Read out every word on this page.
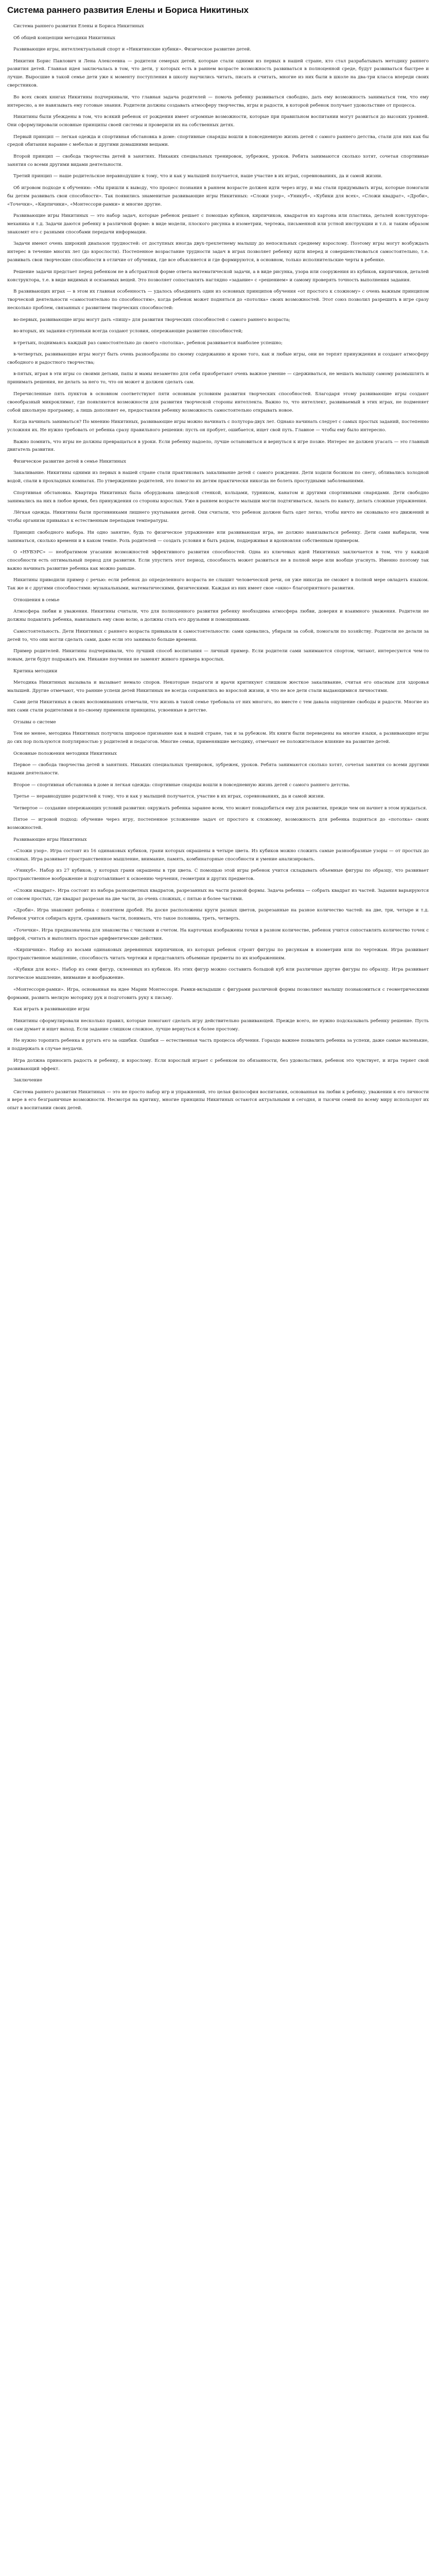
Система раннего развития Елены и Бориса Никитиных

Система раннего развития Елены и Бориса Никитиных

Об общей концепции методики Никитиных

Развивающие игры, интеллектуальный спорт и «Никитинские кубики». Физическое развитие детей.

Никитин Борис Павлович и Лена Алексеевна — родители семерых детей, которые стали одними из первых в нашей стране, кто стал разрабатывать методику раннего развития детей. Главная идея заключалась в том, что дети, у которых есть в раннем возрасте возможность развиваться в полноценной среде, будут развиваться быстрее и лучше. Выросшие в такой семье дети уже к моменту поступления в школу научились читать, писать и считать, многие из них были в школе на два-три класса впереди своих сверстников.

Во всех своих книгах Никитины подчеркивали, что главная задача родителей — помочь ребенку развиваться свободно, дать ему возможность заниматься тем, что ему интересно, а не навязывать ему готовые знания. Родители должны создавать атмосферу творчества, игры и радости, в которой ребенок получает удовольствие от процесса.

Никитины были убеждены в том, что всякий ребенок от рождения имеет огромные возможности, которые при правильном воспитании могут развиться до высоких уровней. Они сформулировали основные принципы своей системы и проверили их на собственных детях.

Первый принцип — легкая одежда и спортивная обстановка в доме: спортивные снаряды вошли в повседневную жизнь детей с самого раннего детства, стали для них как бы средой обитания наравне с мебелью и другими домашними вещами.

Второй принцип — свобода творчества детей в занятиях. Никаких специальных тренировок, зубрежек, уроков. Ребята занимаются сколько хотят, сочетая спортивные занятия со всеми другими видами деятельности.

Третий принцип — наше родительское неравнодушие к тому, что и как у малышей получается, наше участие в их играх, соревнованиях, да и самой жизни.

Об игровом подходе к обучению: «Мы пришли к выводу, что процесс познания в раннем возрасте должен идти через игру, и мы стали придумывать игры, которые помогали бы детям развивать свои способности». Так появились знаменитые развивающие игры Никитиных: «Сложи узор», «Уникуб», «Кубики для всех», «Сложи квадрат», «Дроби», «Точечки», «Кирпичики», «Монтессори-рамки» и многие другие.

Развивающие игры Никитиных — это набор задач, которые ребенок решает с помощью кубиков, кирпичиков, квадратов из картона или пластика, деталей конструктора-механика и т.д. Задачи даются ребенку в различной форме: в виде модели, плоского рисунка в изометрии, чертежа, письменной или устной инструкции и т.п. и таким образом знакомят его с разными способами передачи информации.

Задачи имеют очень широкий диапазон трудностей: от доступных иногда двух-трехлетнему малышу до непосильных среднему взрослому. Поэтому игры могут возбуждать интерес в течение многих лет (до взрослости). Постепенное возрастание трудности задач в играх позволяет ребенку идти вперед и совершенствоваться самостоятельно, т.е. развивать свои творческие способности в отличие от обучения, где все объясняется и где формируются, в основном, только исполнительские черты в ребенке.

Решение задачи предстает перед ребенком не в абстрактной форме ответа математической задачи, а в виде рисунка, узора или сооружения из кубиков, кирпичиков, деталей конструктора, т.е. в виде видимых и осязаемых вещей. Это позволяет сопоставлять наглядно «задание» с «решением» и самому проверять точность выполнения задания.

В развивающих играх — в этом их главная особенность — удалось объединить один из основных принципов обучения «от простого к сложному» с очень важным принципом творческой деятельности «самостоятельно по способностям», когда ребенок может подняться до «потолка» своих возможностей. Этот союз позволил разрешить в игре сразу несколько проблем, связанных с развитием творческих способностей:

во-первых, развивающие игры могут дать «пищу» для развития творческих способностей с самого раннего возраста;

во-вторых, их задания-ступеньки всегда создают условия, опережающие развитие способностей;

в-третьих, поднимаясь каждый раз самостоятельно до своего «потолка», ребенок развивается наиболее успешно;

в-четвертых, развивающие игры могут быть очень разнообразны по своему содержанию и кроме того, как и любые игры, они не терпят принуждения и создают атмосферу свободного и радостного творчества;

в-пятых, играя в эти игры со своими детьми, папы и мамы незаметно для себя приобретают очень важное умение — сдерживаться, не мешать малышу самому размышлять и принимать решения, не делать за него то, что он может и должен сделать сам.

Перечисленные пять пунктов в основном соответствуют пяти основным условиям развития творческих способностей. Благодаря этому развивающие игры создают своеобразный микроклимат, где появляются возможности для развития творческой стороны интеллекта. Важно то, что интеллект, развиваемый в этих играх, не подменяет собой школьную программу, а лишь дополняет ее, предоставляя ребенку возможность самостоятельно открывать новое.

Когда начинать заниматься? По мнению Никитиных, развивающие игры можно начинать с полутора-двух лет. Однако начинать следует с самых простых заданий, постепенно усложняя их. Не нужно требовать от ребенка сразу правильного решения: пусть он пробует, ошибается, ищет свой путь. Главное — чтобы ему было интересно.

Важно помнить, что игры не должны превращаться в уроки. Если ребенку надоело, лучше остановиться и вернуться к игре позже. Интерес не должен угасать — это главный двигатель развития.

Физическое развитие детей в семье Никитиных

Закаливание. Никитины одними из первых в нашей стране стали практиковать закаливание детей с самого рождения. Дети ходили босиком по снегу, обливались холодной водой, спали в прохладных комнатах. По утверждению родителей, это помогло их детям практически никогда не болеть простудными заболеваниями.

Спортивная обстановка. Квартира Никитиных была оборудована шведской стенкой, кольцами, турником, канатом и другими спортивными снарядами. Дети свободно занимались на них в любое время, без принуждения со стороны взрослых. Уже в раннем возрасте малыши могли подтягиваться, лазать по канату, делать сложные упражнения.

Лёгкая одежда. Никитины были противниками лишнего укутывания детей. Они считали, что ребенок должен быть одет легко, чтобы ничто не сковывало его движений и чтобы организм привыкал к естественным перепадам температуры.

Принцип свободного выбора. Ни одно занятие, будь то физическое упражнение или развивающая игра, не должно навязываться ребенку. Дети сами выбирали, чем заниматься, сколько времени и в каком темпе. Роль родителей — создать условия и быть рядом, поддерживая и вдохновляя собственным примером.

О «НУВЭРС» — необратимом угасании возможностей эффективного развития способностей. Одна из ключевых идей Никитиных заключается в том, что у каждой способности есть оптимальный период для развития. Если упустить этот период, способность может развиться не в полной мере или вообще угаснуть. Именно поэтому так важно начинать развитие ребенка как можно раньше.

Никитины приводили пример с речью: если ребенок до определенного возраста не слышит человеческой речи, он уже никогда не сможет в полной мере овладеть языком. Так же и с другими способностями: музыкальными, математическими, физическими. Каждая из них имеет свое «окно» благоприятного развития.

Отношения в семье

Атмосфера любви и уважения. Никитины считали, что для полноценного развития ребенку необходима атмосфера любви, доверия и взаимного уважения. Родители не должны подавлять ребенка, навязывать ему свою волю, а должны стать его друзьями и помощниками.

Самостоятельность. Дети Никитиных с раннего возраста привыкали к самостоятельности: сами одевались, убирали за собой, помогали по хозяйству. Родители не делали за детей то, что они могли сделать сами, даже если это занимало больше времени.

Пример родителей. Никитины подчеркивали, что лучший способ воспитания — личный пример. Если родители сами занимаются спортом, читают, интересуются чем-то новым, дети будут подражать им. Никакие поучения не заменят живого примера взрослых.

Критика методики

Методика Никитиных вызывала и вызывает немало споров. Некоторые педагоги и врачи критикуют слишком жесткое закаливание, считая его опасным для здоровья малышей. Другие отмечают, что ранние успехи детей Никитиных не всегда сохранялись во взрослой жизни, и что не все дети стали выдающимися личностями.

Сами дети Никитиных в своих воспоминаниях отмечали, что жизнь в такой семье требовала от них многого, но вместе с тем давала ощущение свободы и радости. Многие из них сами стали родителями и по-своему применяли принципы, усвоенные в детстве.

Отзывы о системе

Тем не менее, методика Никитиных получила широкое признание как в нашей стране, так и за рубежом. Их книги были переведены на многие языки, а развивающие игры до сих пор пользуются популярностью у родителей и педагогов. Многие семьи, применявшие методику, отмечают ее положительное влияние на развитие детей.

Основные положения методики Никитиных

Первое — свобода творчества детей в занятиях. Никаких специальных тренировок, зубрежек, уроков. Ребята занимаются сколько хотят, сочетая занятия со всеми другими видами деятельности.

Второе — спортивная обстановка в доме и легкая одежда: спортивные снаряды вошли в повседневную жизнь детей с самого раннего детства.

Третье — неравнодушие родителей к тому, что и как у малышей получается, участие в их играх, соревнованиях, да и самой жизни.

Четвертое — создание опережающих условий развития: окружать ребенка заранее всем, что может понадобиться ему для развития, прежде чем он начнет в этом нуждаться.

Пятое — игровой подход: обучение через игру, постепенное усложнение задач от простого к сложному, возможность для ребенка подняться до «потолка» своих возможностей.

Развивающие игры Никитиных

«Сложи узор». Игра состоит из 16 одинаковых кубиков, грани которых окрашены в четыре цвета. Из кубиков можно сложить самые разнообразные узоры — от простых до сложных. Игра развивает пространственное мышление, внимание, память, комбинаторные способности и умение анализировать.

«Уникуб». Набор из 27 кубиков, у которых грани окрашены в три цвета. С помощью этой игры ребенок учится складывать объемные фигуры по образцу, что развивает пространственное воображение и подготавливает к освоению черчения, геометрии и других предметов.

«Сложи квадрат». Игра состоит из набора разноцветных квадратов, разрезанных на части разной формы. Задача ребенка — собрать квадрат из частей. Задания варьируются от совсем простых, где квадрат разрезан на две части, до очень сложных, с пятью и более частями.

«Дроби». Игра знакомит ребенка с понятием дробей. На доске расположены круги разных цветов, разрезанные на разное количество частей: на две, три, четыре и т.д. Ребенок учится собирать круги, сравнивать части, понимать, что такое половина, треть, четверть.

«Точечки». Игра предназначена для знакомства с числами и счетом. На карточках изображены точки в разном количестве, ребенок учится сопоставлять количество точек с цифрой, считать и выполнять простые арифметические действия.

«Кирпичики». Набор из восьми одинаковых деревянных кирпичиков, из которых ребенок строит фигуры по рисункам в изометрии или по чертежам. Игра развивает пространственное мышление, способность читать чертежи и представлять объемные предметы по их изображениям.

«Кубики для всех». Набор из семи фигур, склеенных из кубиков. Из этих фигур можно составить большой куб или различные другие фигуры по образцу. Игра развивает логическое мышление, внимание и воображение.

«Монтессори-рамки». Игра, основанная на идее Марии Монтессори. Рамки-вкладыши с фигурами различной формы позволяют малышу познакомиться с геометрическими формами, развить мелкую моторику рук и подготовить руку к письму.

Как играть в развивающие игры

Никитины сформулировали несколько правил, которые помогают сделать игру действительно развивающей. Прежде всего, не нужно подсказывать ребенку решение. Пусть он сам думает и ищет выход. Если задание слишком сложное, лучше вернуться к более простому.

Не нужно торопить ребенка и ругать его за ошибки. Ошибки — естественная часть процесса обучения. Гораздо важнее похвалить ребенка за успехи, даже самые маленькие, и поддержать в случае неудачи.

Игра должна приносить радость и ребенку, и взрослому. Если взрослый играет с ребенком по обязанности, без удовольствия, ребенок это чувствует, и игра теряет свой развивающий эффект.

Заключение

Система раннего развития Никитиных — это не просто набор игр и упражнений, это целая философия воспитания, основанная на любви к ребенку, уважении к его личности и вере в его безграничные возможности. Несмотря на критику, многие принципы Никитиных остаются актуальными и сегодня, и тысячи семей по всему миру используют их опыт в воспитании своих детей.
